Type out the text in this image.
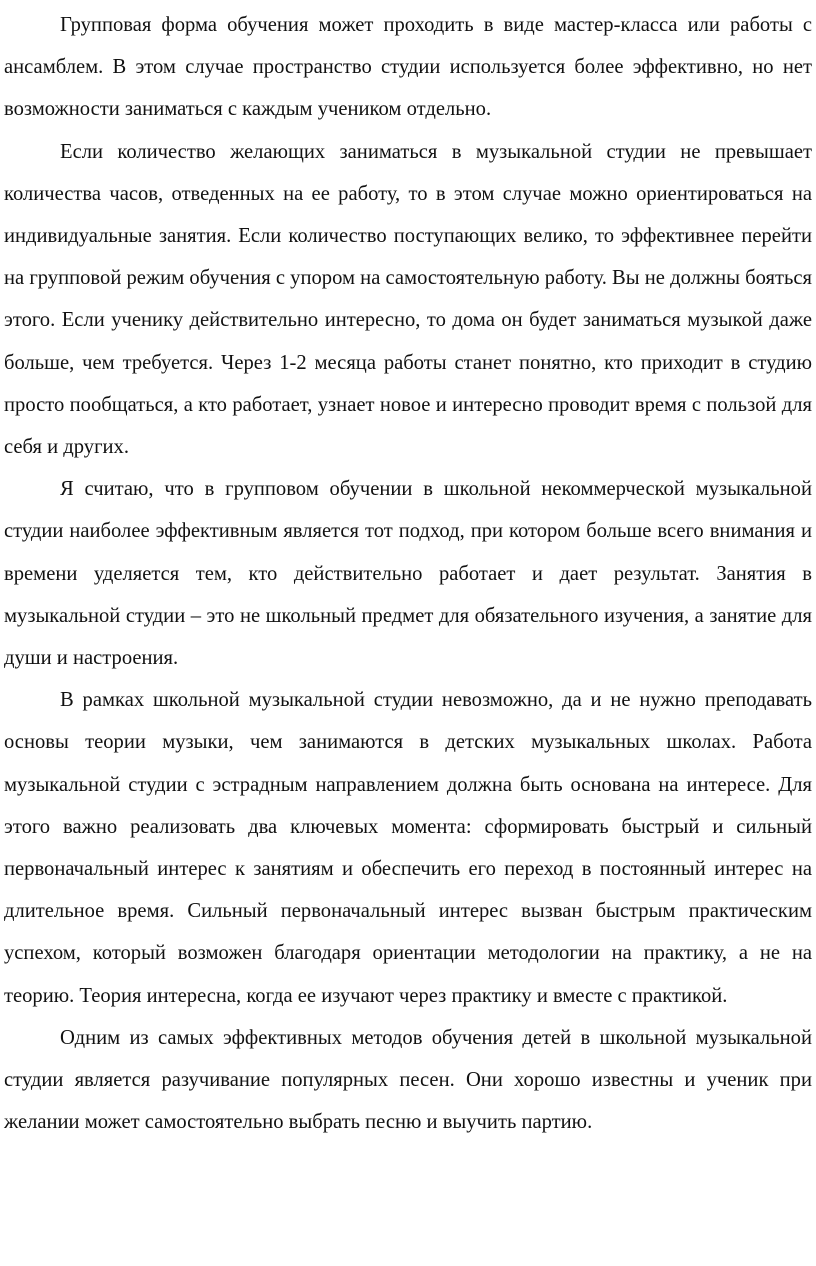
Групповая форма обучения может проходить в виде мастер-класса или работы с ансамблем. В этом случае пространство студии используется более эффективно, но нет возможности заниматься с каждым учеником отдельно.

Если количество желающих заниматься в музыкальной студии не превышает количества часов, отведенных на ее работу, то в этом случае можно ориентироваться на индивидуальные занятия. Если количество поступающих велико, то эффективнее перейти на групповой режим обучения с упором на самостоятельную работу. Вы не должны бояться этого. Если ученику действительно интересно, то дома он будет заниматься музыкой даже больше, чем требуется. Через 1-2 месяца работы станет понятно, кто приходит в студию просто пообщаться, а кто работает, узнает новое и интересно проводит время с пользой для себя и других.

Я считаю, что в групповом обучении в школьной некоммерческой музыкальной студии наиболее эффективным является тот подход, при котором больше всего внимания и времени уделяется тем, кто действительно работает и дает результат. Занятия в музыкальной студии – это не школьный предмет для обязательного изучения, а занятие для души и настроения.

В рамках школьной музыкальной студии невозможно, да и не нужно преподавать основы теории музыки, чем занимаются в детских музыкальных школах. Работа музыкальной студии с эстрадным направлением должна быть основана на интересе. Для этого важно реализовать два ключевых момента: сформировать быстрый и сильный первоначальный интерес к занятиям и обеспечить его переход в постоянный интерес на длительное время. Сильный первоначальный интерес вызван быстрым практическим успехом, который возможен благодаря ориентации методологии на практику, а не на теорию. Теория интересна, когда ее изучают через практику и вместе с практикой.

Одним из самых эффективных методов обучения детей в школьной музыкальной студии является разучивание популярных песен. Они хорошо известны и ученик при желании может самостоятельно выбрать песню и выучить партию.
